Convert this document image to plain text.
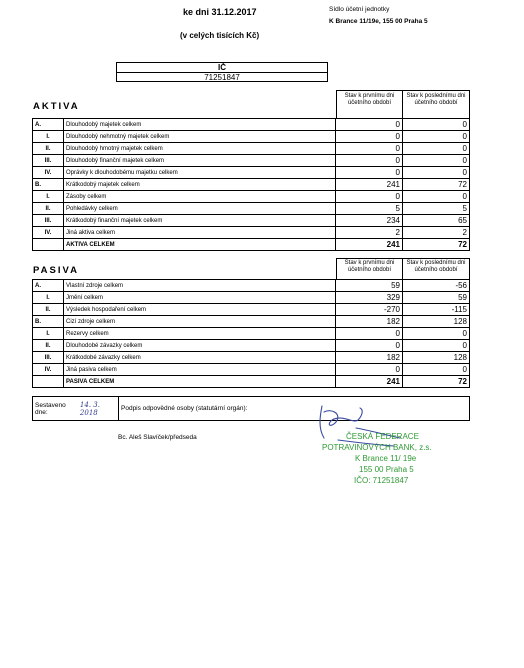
ke dni 31.12.2017
(v celých tisících Kč)
Sídlo účetní jednotky
K Brance 11/19e, 155 00 Praha 5
IČ
71251847
AKTIVA
Stav k prvnímu dni účetního období
Stav k poslednímu dni účetního období
A.	Dlouhodobý majetek celkem	0	0
I.	Dlouhodobý nehmotný majetek celkem	0	0
II.	Dlouhodobý hmotný majetek celkem	0	0
III.	Dlouhodobý finanční majetek celkem	0	0
IV.	Oprávky k dlouhodobému majetku celkem	0	0
B.	Krátkodobý majetek celkem	241	72
I.	Zásoby celkem	0	0
II.	Pohledávky celkem	5	5
III.	Krátkodobý finanční majetek celkem	234	65
IV.	Jiná aktiva celkem	2	2
	AKTIVA CELKEM	241	72
PASIVA
Stav k prvnímu dni účetního období
Stav k poslednímu dni účetního období
A.	Vlastní zdroje celkem	59	-56
I.	Jmění celkem	329	59
II.	Výsledek hospodaření celkem	-270	-115
B.	Cizí zdroje celkem	182	128
I.	Rezervy celkem	0	0
II.	Dlouhodobé závazky celkem	0	0
III.	Krátkodobé závazky celkem	182	128
IV.	Jiná pasiva celkem	0	0
	PASIVA CELKEM	241	72
Sestaveno dne:
14. 3. 2018	Podpis odpovědné osoby (statutární orgán):
Bc. Aleš Slavíček/předseda	ČESKÁ FEDERACE
POTRAVINOVÝCH BANK, z.s.
K Brance 11/ 19e
155 00 Praha 5
IČO: 71251847
